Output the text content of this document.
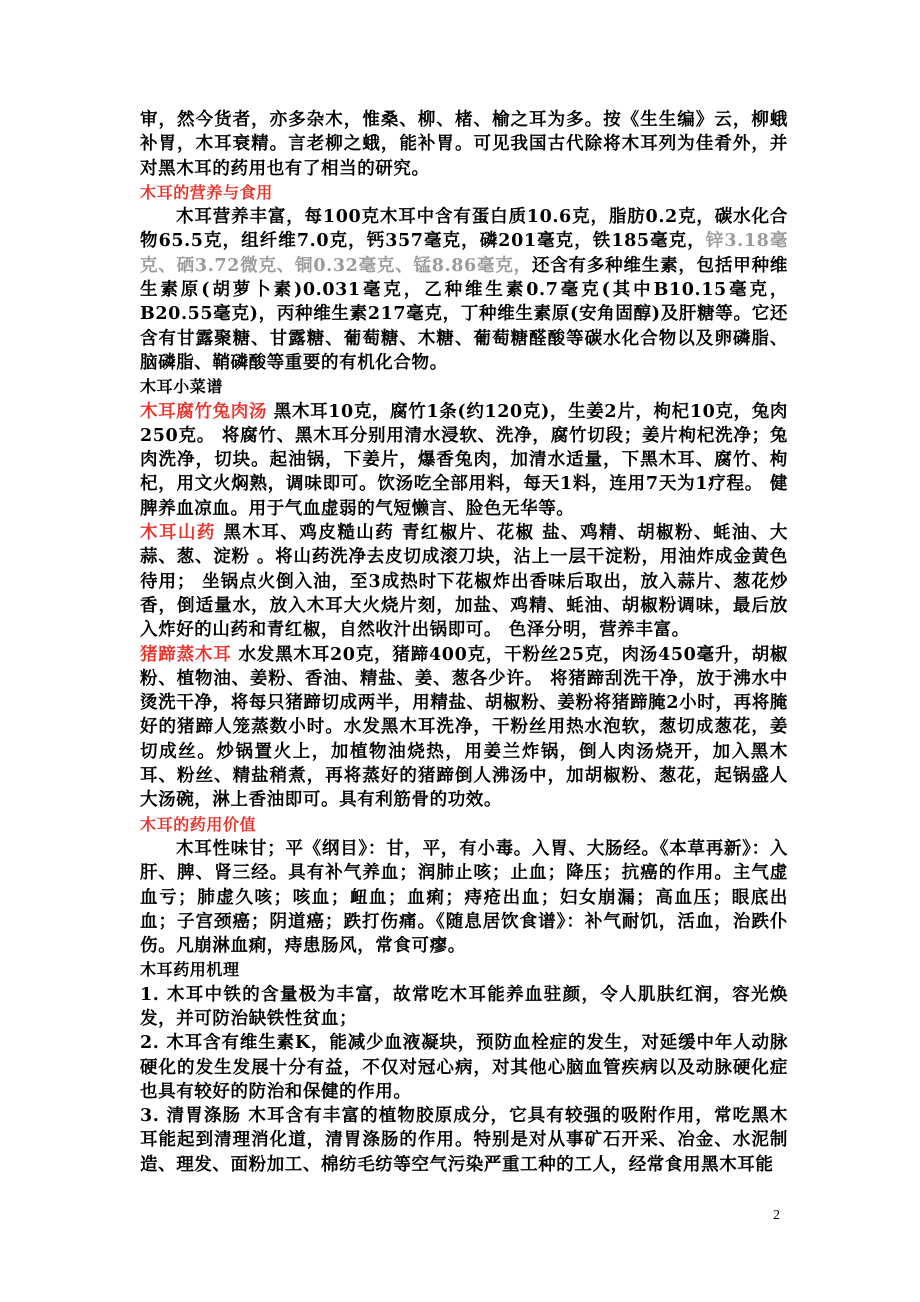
审，然今货者，亦多杂木，惟桑、柳、楮、榆之耳为多。按《生生编》云，柳蛾补胃，木耳衰精。言老柳之蛾，能补胃。可见我国古代除将木耳列为佳肴外，并对黑木耳的药用也有了相当的研究。

木耳的营养与食用

木耳营养丰富，每100克木耳中含有蛋白质10.6克，脂肪0.2克，碳水化合物65.5克，组纤维7.0克，钙357毫克，磷201毫克，铁185毫克，锌3.18毫克、硒3.72微克、铜0.32毫克、锰8.86毫克，还含有多种维生素，包括甲种维生素原(胡萝卜素)0.031毫克，乙种维生素0.7毫克(其中B10.15毫克，B20.55毫克)，丙种维生素217毫克，丁种维生素原(安角固醇)及肝糖等。它还含有甘露聚糖、甘露糖、葡萄糖、木糖、葡萄糖醛酸等碳水化合物以及卵磷脂、脑磷脂、鞘磷酸等重要的有机化合物。

木耳小菜谱

木耳腐竹兔肉汤 黑木耳10克，腐竹1条(约120克)，生姜2片，枸杞10克，兔肉250克。 将腐竹、黑木耳分别用清水浸软、洗净，腐竹切段；姜片枸杞洗净；兔肉洗净，切块。起油锅，下姜片，爆香兔肉，加清水适量，下黑木耳、腐竹、枸杞，用文火焖熟，调味即可。饮汤吃全部用料，每天1料，连用7天为1疗程。 健脾养血凉血。用于气血虚弱的气短懒言、脸色无华等。

木耳山药 黑木耳、鸡皮糙山药 青红椒片、花椒 盐、鸡精、胡椒粉、蚝油、大蒜、葱、淀粉 。将山药洗净去皮切成滚刀块，沾上一层干淀粉，用油炸成金黄色待用； 坐锅点火倒入油，至3成热时下花椒炸出香味后取出，放入蒜片、葱花炒香，倒适量水，放入木耳大火烧片刻，加盐、鸡精、蚝油、胡椒粉调味，最后放入炸好的山药和青红椒，自然收汁出锅即可。 色泽分明，营养丰富。

猪蹄蒸木耳 水发黑木耳20克，猪蹄400克，干粉丝25克，肉汤450毫升，胡椒粉、植物油、姜粉、香油、精盐、姜、葱各少许。 将猪蹄刮洗干净，放于沸水中烫洗干净，将每只猪蹄切成两半，用精盐、胡椒粉、姜粉将猪蹄腌2小时，再将腌好的猪蹄人笼蒸数小时。水发黑木耳洗净，干粉丝用热水泡软，葱切成葱花，姜切成丝。炒锅置火上，加植物油烧热，用姜兰炸锅，倒人肉汤烧开，加入黑木耳、粉丝、精盐稍煮，再将蒸好的猪蹄倒人沸汤中，加胡椒粉、葱花，起锅盛人大汤碗，淋上香油即可。具有利筋骨的功效。

木耳的药用价值

木耳性味甘；平《纲目》：甘，平，有小毒。入胃、大肠经。《本草再新》：入肝、脾、肾三经。具有补气养血；润肺止咳；止血；降压；抗癌的作用。主气虚血亏；肺虚久咳；咳血；衄血；血痢；痔疮出血；妇女崩漏；高血压；眼底出血；子宫颈癌；阴道癌；跌打伤痛。《随息居饮食谱》：补气耐饥，活血，治跌仆伤。凡崩淋血痢，痔患肠风，常食可瘳。

木耳药用机理

1. 木耳中铁的含量极为丰富，故常吃木耳能养血驻颜，令人肌肤红润，容光焕发，并可防治缺铁性贫血；

2. 木耳含有维生素K，能减少血液凝块，预防血栓症的发生，对延缓中年人动脉硬化的发生发展十分有益，不仅对冠心病，对其他心脑血管疾病以及动脉硬化症也具有较好的防治和保健的作用。

3. 清胃涤肠 木耳含有丰富的植物胶原成分，它具有较强的吸附作用，常吃黑木耳能起到清理消化道，清胃涤肠的作用。特别是对从事矿石开采、冶金、水泥制造、理发、面粉加工、棉纺毛纺等空气污染严重工种的工人，经常食用黑木耳能

2
